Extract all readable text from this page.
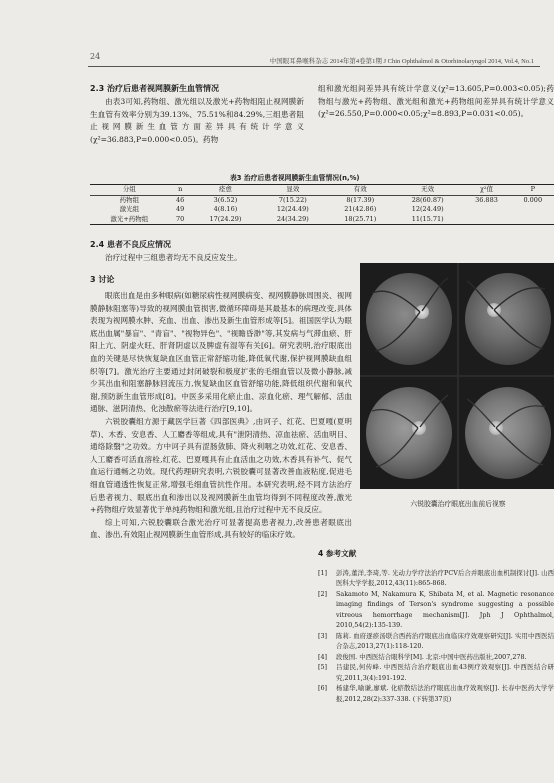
24
中国眼耳鼻喉科杂志 2014年第4卷第1期 J Chin Ophthalmol & Otorhinolaryngol 2014, Vol.4, No.1
2.3 治疗后患者视网膜新生血管情况

由表3可知,药物组、激光组以及激光+药物组阻止视网膜新生血管有效率分别为39.13%、75.51%和84.29%,三组患者阻止视网膜新生血管方面差异具有统计学意义(χ²=36.883,P=0.000<0.05)。药物

组和激光组间差异具有统计学意义(χ²=13.605,P=0.003<0.05);药物组与激光+药物组、激光组和激光+药物组间差异具有统计学意义(χ²=26.550,P=0.000<0.05;χ²=8.893,P=0.031<0.05)。

表3 治疗后患者视网膜新生血管情况(n,%)
分组	n	痊愈	显效	有效	无效	χ²值	P
药物组	46	3(6.52)	7(15.22)	8(17.39)	28(60.87)	36.883	0.000
激光组	49	4(8.16)	12(24.49)	21(42.86)	12(24.49)		
激光+药物组	70	17(24.29)	24(34.29)	18(25.71)	11(15.71)		
2.4 患者不良反应情况

治疗过程中三组患者均无不良反应发生。

3 讨论

眼底出血是由多种眼病(如糖尿病性视网膜病变、视网膜静脉周围炎、视网膜静脉阻塞等)导致的视网膜血管损害,微循环障碍是其最基本的病理改变,具体表现为视网膜水肿、充血、出血、渗出及新生血管形成等[5]。祖国医学认为眼底出血属"暴盲"、"青盲"、"视物异色"、"视瞻昏渺"等,其发病与气滞血瘀、肝阳上亢、阴虚火旺、肝肾阴虚以及脾虚有湿等有关[6]。研究表明,治疗眼底出血的关键是尽快恢复缺血区血管正常舒缩功能,降低氧代谢,保护视网膜缺血组织等[7]。激光治疗主要通过封闭破裂和极度扩张的毛细血管以及微小静脉,减少其出血和阻塞静脉回流压力,恢复缺血区血管舒缩功能,降低组织代谢和氧代谢,预防新生血管形成[8]。中医多采用化瘀止血、凉血化瘀、理气解郁、活血通脉、滋阴清热、化浊散瘀等法进行治疗[9,10]。

六锐胶囊组方源于藏医学巨著《四部医典》,由诃子、红花、巴夏嘎(夏明草)、木香、安息香、人工麝香等组成,具有"泄阴清热、凉血祛瘀、活血明目、通络除翳"之功效。方中诃子具有涩肠敛肺、降火利咽之功效,红花、安息香、人工麝香可活血溶栓,红花、巴夏嘎具有止血活血之功效,木香具有补气、促气血运行通畅之功效。现代药理研究表明,六锐胶囊可显著改善血液粘度,促进毛细血管通透性恢复正常,增强毛细血管抗性作用。本研究表明,经不同方法治疗后患者视力、眼底出血和渗出以及视网膜新生血管均得到不同程度改善,激光+药物组疗效显著优于单纯药物组和激光组,且治疗过程中无不良反应。

综上可知,六锐胶囊联合激光治疗可显著提高患者视力,改善患者眼底出血、渗出,有效阻止视网膜新生血管形成,具有较好的临床疗效。

六锐胶囊治疗眼底出血前后视察
4 参考文献
[1]	彭涛,董洋,李琦,等. 光动力学疗法治疗PCV后合并眼底出血机制探讨[J]. 山西医科大学学报,2012,43(11):865-868.
[2]	Sakamoto M, Nakamura K, Shibata M, et al. Magnetic resonance imaging findings of Terson's syndrome suggesting a possible vitreous hemorrhage mechanism[J]. Jph J Ophthalmol, 2010,54(2):135-139.
[3]	陈莉. 血府逐瘀汤联合西药治疗眼底出血临床疗效观察研究[J]. 实用中西医结合杂志,2013,27(1):118-120.
[4]	段俊国. 中西医结合眼科学[M]. 北京:中国中医药出版社,2007,278.
[5]	吕建民,何传峰. 中西医结合治疗眼底出血43例疗效观察[J]. 中西医结合研究,2011,3(4):191-192.
[6]	杨建华,喻谦,廖斌. 化瘀散结法治疗眼底出血疗效观察[J]. 长春中医药大学学报,2012,28(2):337-338. (下转第37页)
